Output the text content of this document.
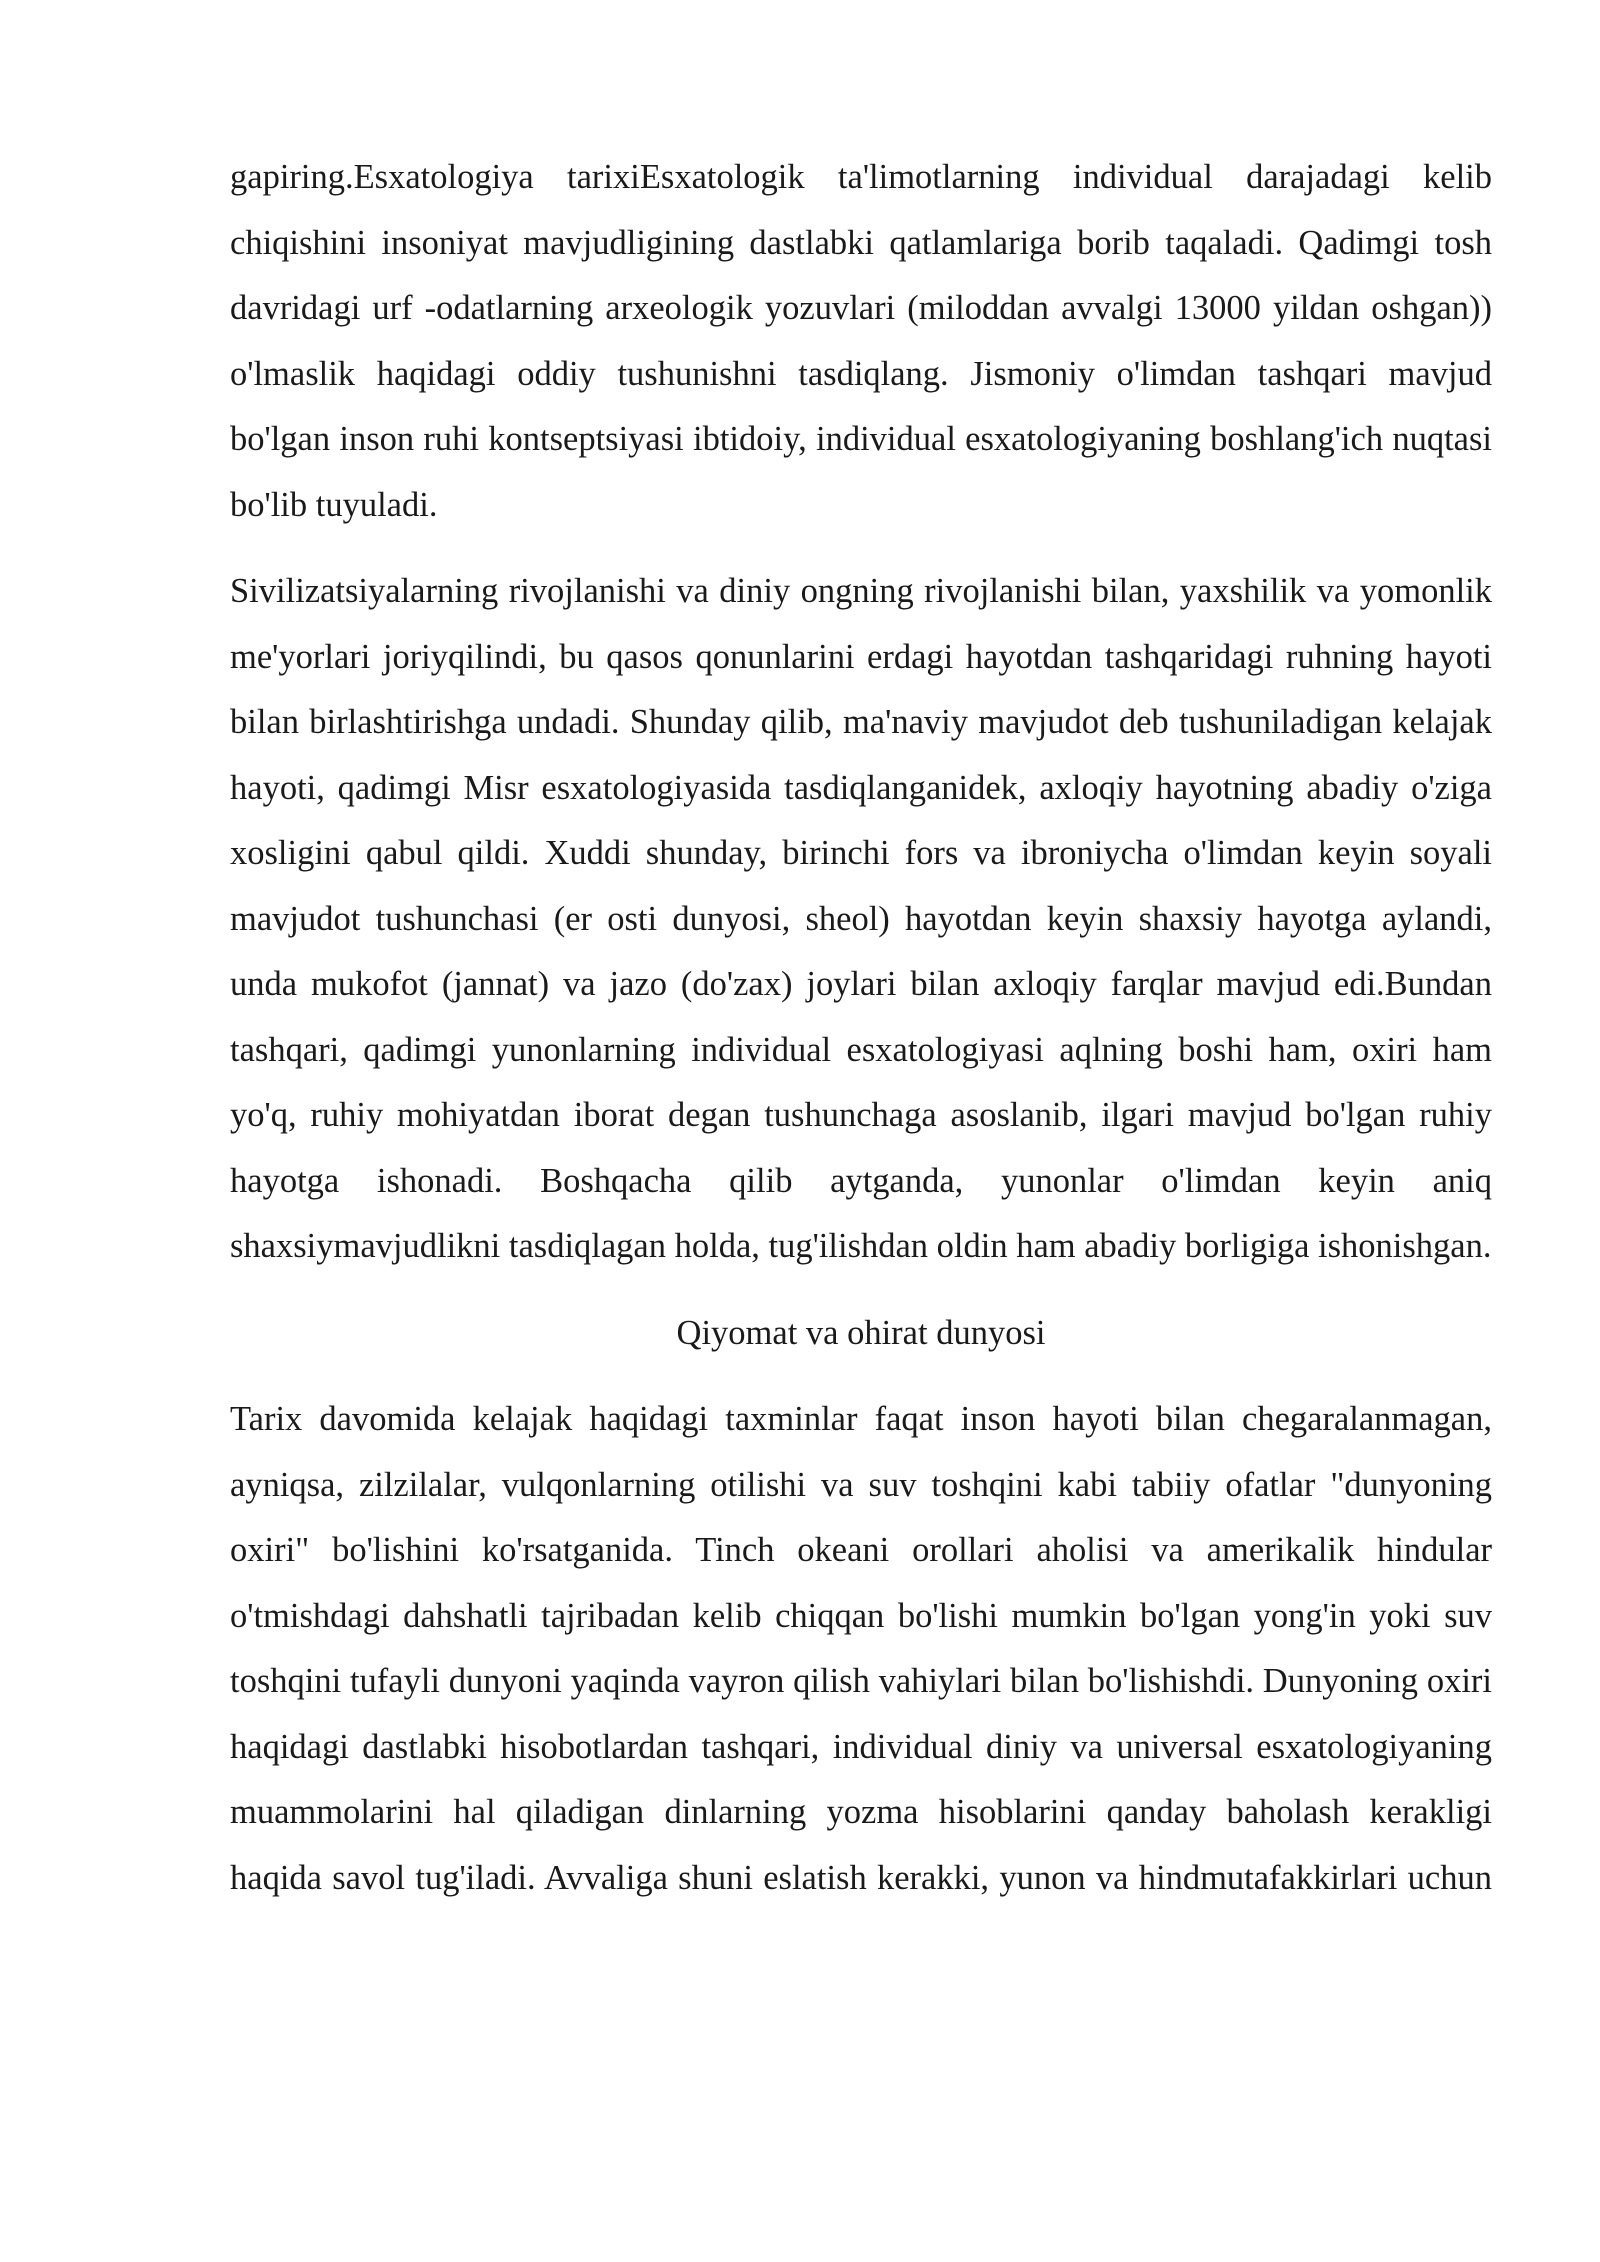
gapiring.Esxatologiya tarixiEsxatologik ta'limotlarning individual darajadagi kelib chiqishini insoniyat mavjudligining dastlabki qatlamlariga borib taqaladi. Qadimgi tosh davridagi urf -odatlarning arxeologik yozuvlari (miloddan avvalgi 13000 yildan oshgan)) o'lmaslik haqidagi oddiy tushunishni tasdiqlang. Jismoniy o'limdan tashqari mavjud bo'lgan inson ruhi kontseptsiyasi ibtidoiy, individual esxatologiyaning boshlang'ich nuqtasi bo'lib tuyuladi.

Sivilizatsiyalarning rivojlanishi va diniy ongning rivojlanishi bilan, yaxshilik va yomonlik me'yorlari joriyqilindi, bu qasos qonunlarini erdagi hayotdan tashqaridagi ruhning hayoti bilan birlashtirishga undadi. Shunday qilib, ma'naviy mavjudot deb tushuniladigan kelajak hayoti, qadimgi Misr esxatologiyasida tasdiqlanganidek, axloqiy hayotning abadiy o'ziga xosligini qabul qildi. Xuddi shunday, birinchi fors va ibroniycha o'limdan keyin soyali mavjudot tushunchasi (er osti dunyosi, sheol) hayotdan keyin shaxsiy hayotga aylandi, unda mukofot (jannat) va jazo (do'zax) joylari bilan axloqiy farqlar mavjud edi.Bundan tashqari, qadimgi yunonlarning individual esxatologiyasi aqlning boshi ham, oxiri ham yo'q, ruhiy mohiyatdan iborat degan tushunchaga asoslanib, ilgari mavjud bo'lgan ruhiy hayotga ishonadi. Boshqacha qilib aytganda, yunonlar o'limdan keyin aniq shaxsiymavjudlikni tasdiqlagan holda, tug'ilishdan oldin ham abadiy borligiga ishonishgan.

Qiyomat va ohirat dunyosi

Tarix davomida kelajak haqidagi taxminlar faqat inson hayoti bilan chegaralanmagan, ayniqsa, zilzilalar, vulqonlarning otilishi va suv toshqini kabi tabiiy ofatlar "dunyoning oxiri" bo'lishini ko'rsatganida. Tinch okeani orollari aholisi va amerikalik hindular o'tmishdagi dahshatli tajribadan kelib chiqqan bo'lishi mumkin bo'lgan yong'in yoki suv toshqini tufayli dunyoni yaqinda vayron qilish vahiylari bilan bo'lishishdi. Dunyoning oxiri haqidagi dastlabki hisobotlardan tashqari, individual diniy va universal esxatologiyaning muammolarini hal qiladigan dinlarning yozma hisoblarini qanday baholash kerakligi haqida savol tug'iladi. Avvaliga shuni eslatish kerakki, yunon va hindmutafakkirlari uchun
